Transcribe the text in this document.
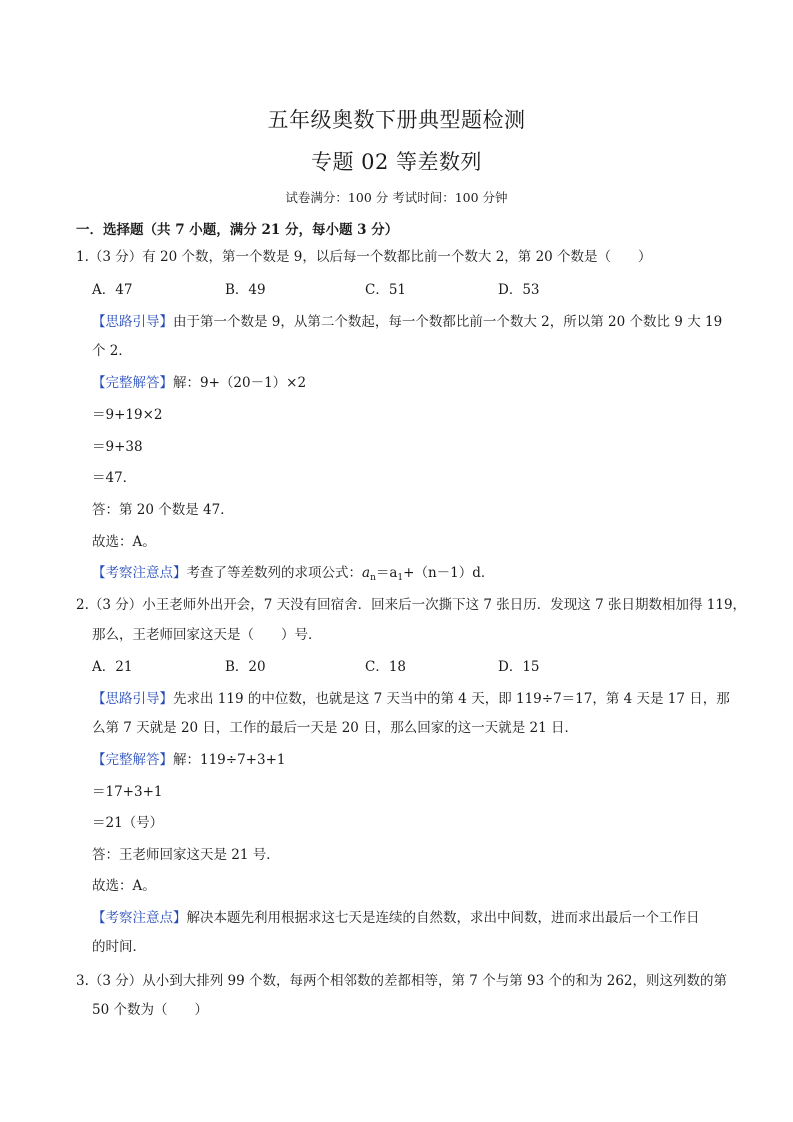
五年级奥数下册典型题检测
专题 02 等差数列
试卷满分：100 分 考试时间：100 分钟
一．选择题（共 7 小题，满分 21 分，每小题 3 分）
1.（3 分）有 20 个数，第一个数是 9，以后每一个数都比前一个数大 2，第 20 个数是（　　）
A．47	B．49	C．51	D．53
【思路引导】由于第一个数是 9，从第二个数起，每一个数都比前一个数大 2，所以第 20 个数比 9 大 19
个 2．
【完整解答】解：9+（20－1）×2
＝9+19×2
＝9+38
＝47．
答：第 20 个数是 47．
故选：A。
【考察注意点】考查了等差数列的求项公式：$a_n=a_1+(n-1)d$．
2.（3 分）小王老师外出开会，7 天没有回宿舍．回来后一次撕下这 7 张日历．发现这 7 张日期数相加得 119，
那么，王老师回家这天是（　　）号．
A．21	B．20	C．18	D．15
【思路引导】先求出 119 的中位数，也就是这 7 天当中的第 4 天，即 119÷7＝17，第 4 天是 17 日，那
么第 7 天就是 20 日，工作的最后一天是 20 日，那么回家的这一天就是 21 日．
【完整解答】解：119÷7+3+1
＝17+3+1
＝21（号）
答：王老师回家这天是 21 号．
故选：A。
【考察注意点】解决本题先利用根据求这七天是连续的自然数，求出中间数，进而求出最后一个工作日
的时间．
3.（3 分）从小到大排列 99 个数，每两个相邻数的差都相等，第 7 个与第 93 个的和为 262，则这列数的第
50 个数为（　　）
